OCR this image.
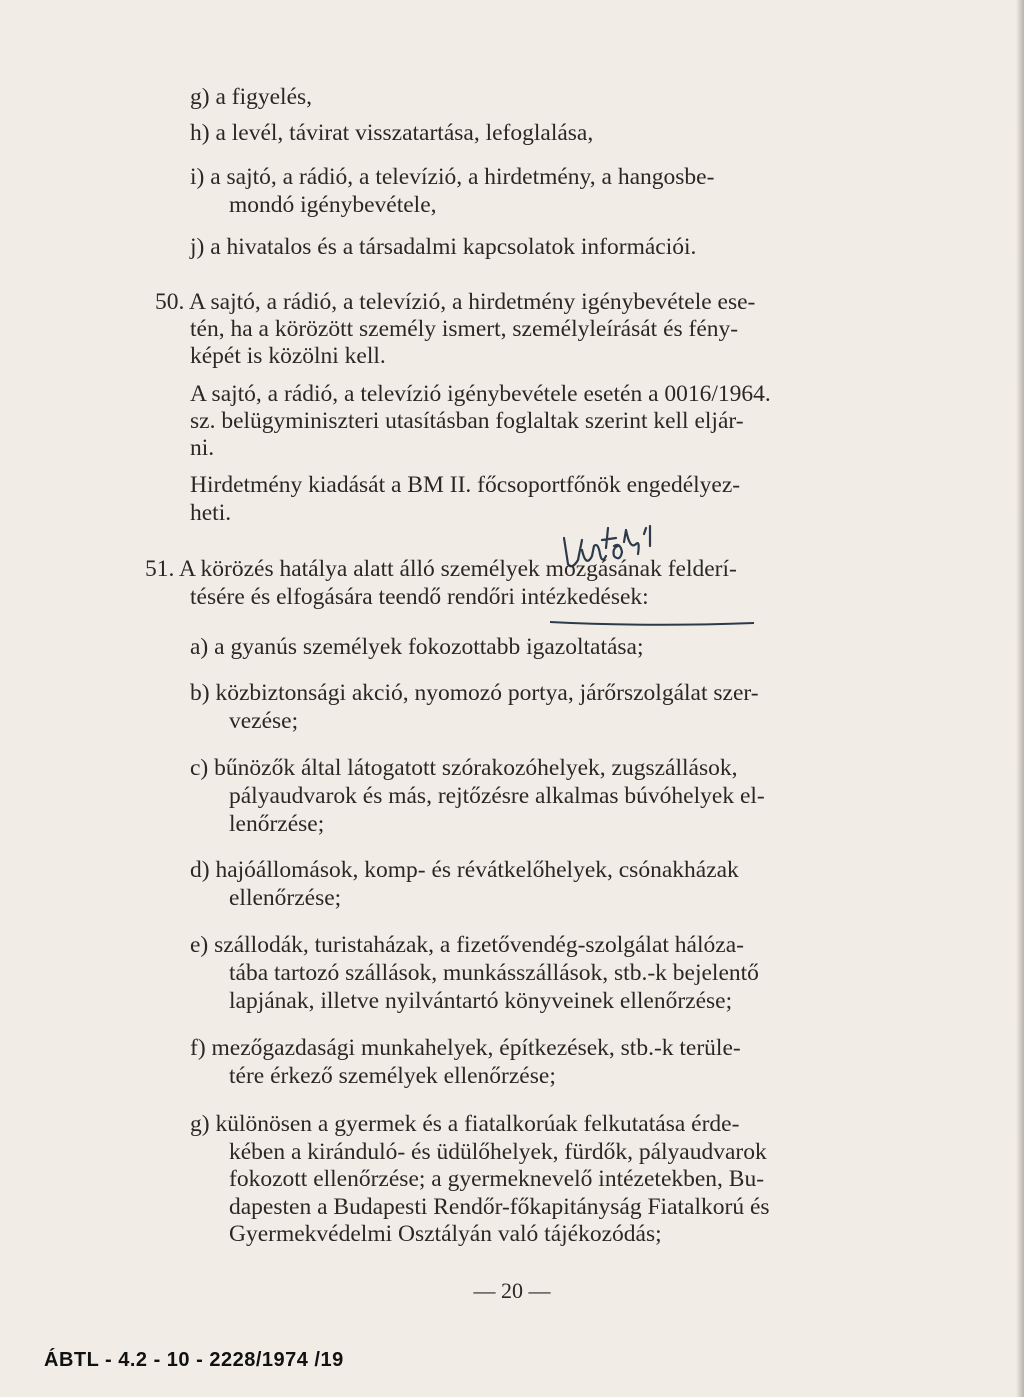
g) a figyelés,
h) a levél, távirat visszatartása, lefoglalása,
i) a sajtó, a rádió, a televízió, a hirdetmény, a hangosbe-
mondó igénybevétele,
j) a hivatalos és a társadalmi kapcsolatok információi.
50. A sajtó, a rádió, a televízió, a hirdetmény igénybevétele ese-
tén, ha a körözött személy ismert, személyleírását és fény-
képét is közölni kell.
A sajtó, a rádió, a televízió igénybevétele esetén a 0016/1964.
sz. belügyminiszteri utasításban foglaltak szerint kell eljár-
ni.
Hirdetmény kiadását a BM II. főcsoportfőnök engedélyez-
heti.
51. A körözés hatálya alatt álló személyek mozgásának felderí-
tésére és elfogására teendő rendőri intézkedések:
a) a gyanús személyek fokozottabb igazoltatása;
b) közbiztonsági akció, nyomozó portya, járőrszolgálat szer-
vezése;
c) bűnözők által látogatott szórakozóhelyek, zugszállások,
pályaudvarok és más, rejtőzésre alkalmas búvóhelyek el-
lenőrzése;
d) hajóállomások, komp- és révátkelőhelyek, csónakházak
ellenőrzése;
e) szállodák, turistaházak, a fizetővendég-szolgálat hálóza-
tába tartozó szállások, munkásszállások, stb.-k bejelentő
lapjának, illetve nyilvántartó könyveinek ellenőrzése;
f) mezőgazdasági munkahelyek, építkezések, stb.-k terüle-
tére érkező személyek ellenőrzése;
g) különösen a gyermek és a fiatalkorúak felkutatása érde-
kében a kiránduló- és üdülőhelyek, fürdők, pályaudvarok
fokozott ellenőrzése; a gyermeknevelő intézetekben, Bu-
dapesten a Budapesti Rendőr-főkapitányság Fiatalkorú és
Gyermekvédelmi Osztályán való tájékozódás;
— 20 —
ÁBTL - 4.2 - 10 - 2228/1974 /19
